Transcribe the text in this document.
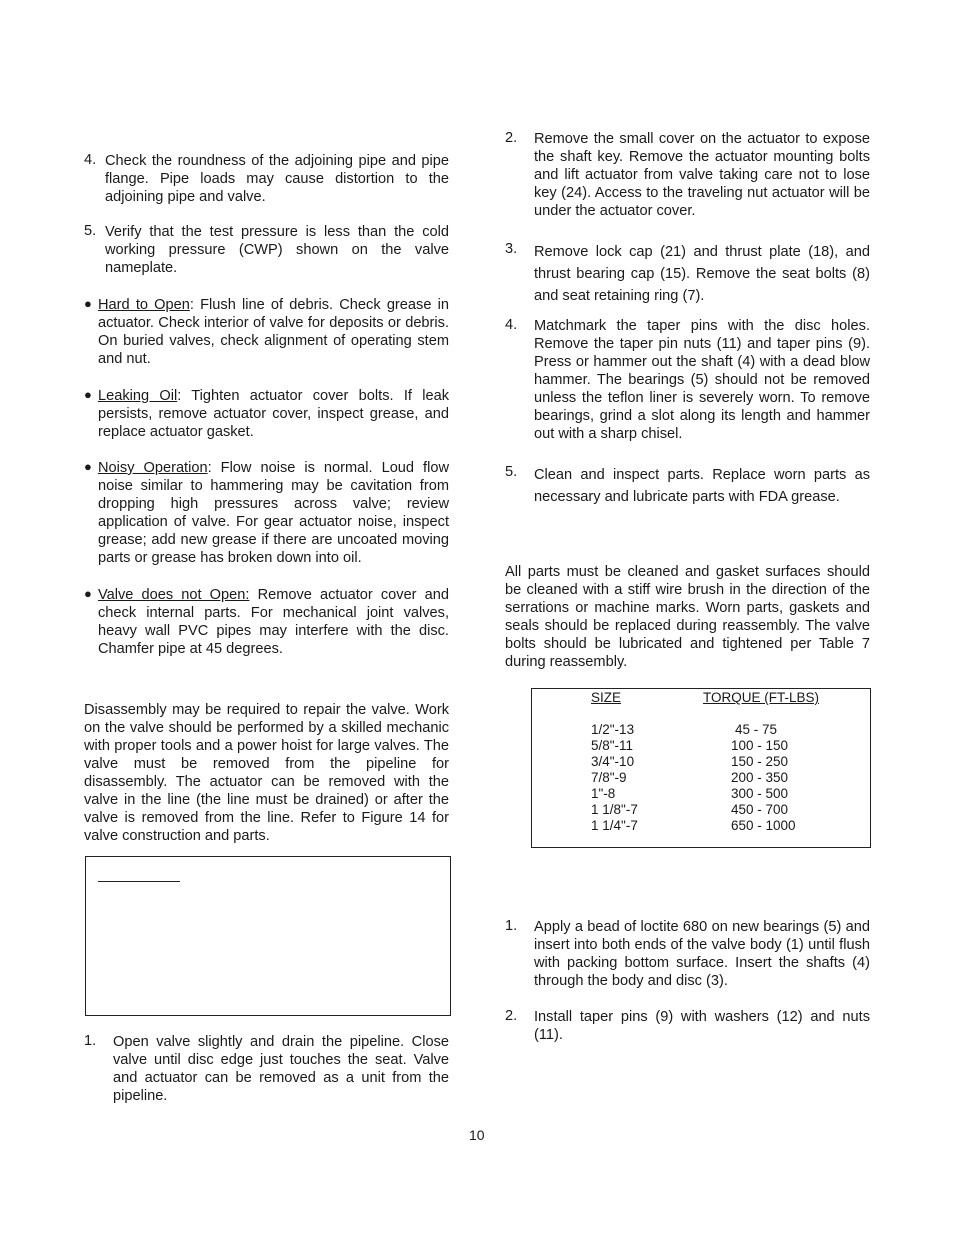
4. Check the roundness of the adjoining pipe and pipe flange. Pipe loads may cause distortion to the adjoining pipe and valve.
5. Verify that the test pressure is less than the cold working pressure (CWP) shown on the valve nameplate.
● Hard to Open: Flush line of debris. Check grease in actuator. Check interior of valve for deposits or debris. On buried valves, check alignment of operating stem and nut.
● Leaking Oil: Tighten actuator cover bolts. If leak persists, remove actuator cover, inspect grease, and replace actuator gasket.
● Noisy Operation: Flow noise is normal. Loud flow noise similar to hammering may be cavitation from dropping high pressures across valve; review application of valve. For gear actuator noise, inspect grease; add new grease if there are uncoated moving parts or grease has broken down into oil.
● Valve does not Open: Remove actuator cover and check internal parts. For mechanical joint valves, heavy wall PVC pipes may interfere with the disc. Chamfer pipe at 45 degrees.
Disassembly may be required to repair the valve. Work on the valve should be performed by a skilled mechanic with proper tools and a power hoist for large valves. The valve must be removed from the pipeline for disassembly. The actuator can be removed with the valve in the line (the line must be drained) or after the valve is removed from the line. Refer to Figure 14 for valve construction and parts.
1. Open valve slightly and drain the pipeline. Close valve until disc edge just touches the seat. Valve and actuator can be removed as a unit from the pipeline.
2. Remove the small cover on the actuator to expose the shaft key. Remove the actuator mounting bolts and lift actuator from valve taking care not to lose key (24). Access to the traveling nut actuator will be under the actuator cover.
3. Remove lock cap (21) and thrust plate (18), and thrust bearing cap (15). Remove the seat bolts (8) and seat retaining ring (7).
4. Matchmark the taper pins with the disc holes. Remove the taper pin nuts (11) and taper pins (9). Press or hammer out the shaft (4) with a dead blow hammer. The bearings (5) should not be removed unless the teflon liner is severely worn. To remove bearings, grind a slot along its length and hammer out with a sharp chisel.
5. Clean and inspect parts. Replace worn parts as necessary and lubricate parts with FDA grease.
All parts must be cleaned and gasket surfaces should be cleaned with a stiff wire brush in the direction of the serrations or machine marks. Worn parts, gaskets and seals should be replaced during reassembly. The valve bolts should be lubricated and tightened per Table 7 during reassembly.
SIZE	TORQUE (FT-LBS)
1/2"-13	45 - 75
5/8"-11	100 - 150
3/4"-10	150 - 250
7/8"-9	200 - 350
1"-8	300 - 500
1 1/8"-7	450 - 700
1 1/4"-7	650 - 1000
1. Apply a bead of loctite 680 on new bearings (5) and insert into both ends of the valve body (1) until flush with packing bottom surface. Insert the shafts (4) through the body and disc (3).
2. Install taper pins (9) with washers (12) and nuts (11).
10
